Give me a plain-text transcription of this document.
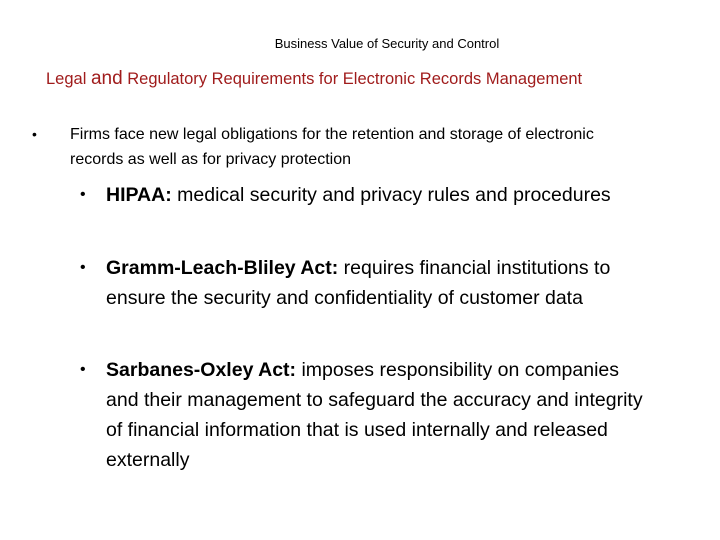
Business Value of Security and Control
Legal and Regulatory Requirements for Electronic Records Management
•	Firms face new legal obligations for the retention and storage of electronic records as well as for privacy protection
•	HIPAA: medical security and privacy rules and procedures
•	Gramm-Leach-Bliley Act: requires financial institutions to ensure the security and confidentiality of customer data
•	Sarbanes-Oxley Act: imposes responsibility on companies and their management to safeguard the accuracy and integrity of financial information that is used internally and released externally
